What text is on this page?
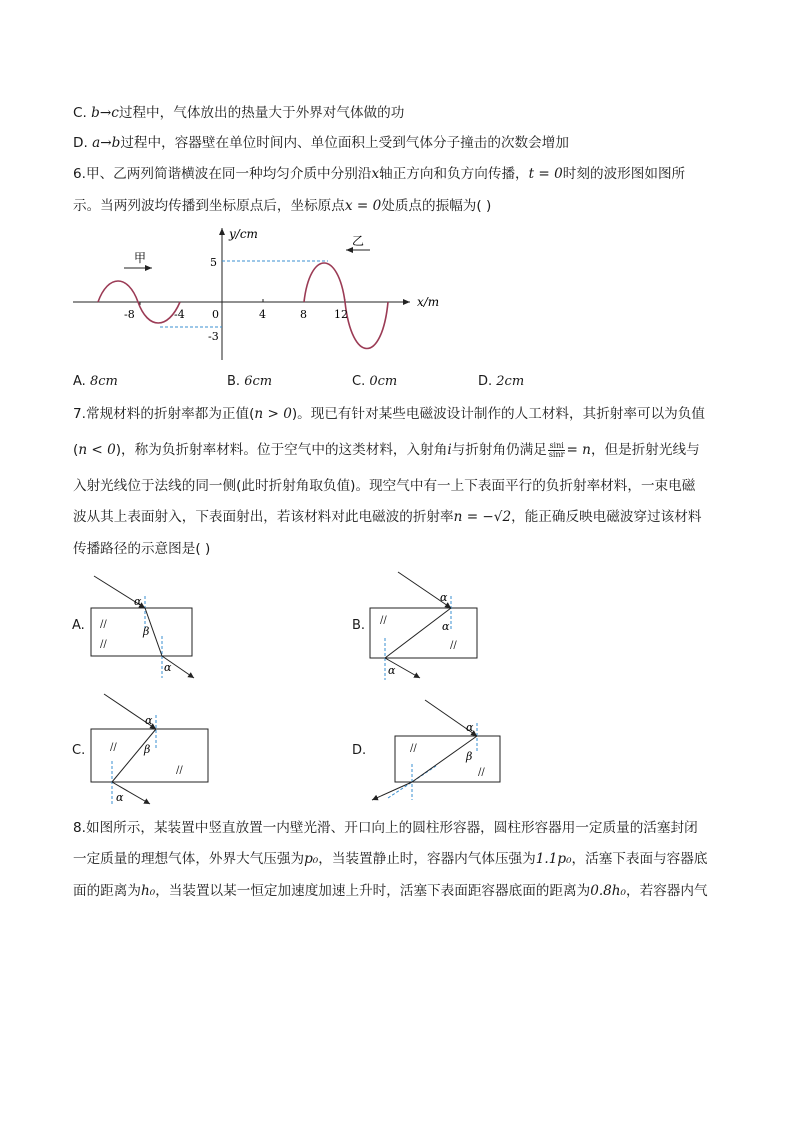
C. b→c过程中，气体放出的热量大于外界对气体做的功
D. a→b过程中，容器壁在单位时间内、单位面积上受到气体分子撞击的次数会增加
6.甲、乙两列简谐横波在同一种均匀介质中分别沿x轴正方向和负方向传播，t = 0时刻的波形图如图所
示。当两列波均传播到坐标原点后，坐标原点x = 0处质点的振幅为( )
y/cm
x/m
甲
乙
-8	-4 0	4	8 12
5
-3
A. 8cm	B. 6cm	C. 0cm	D. 2cm
7.常规材料的折射率都为正值(n > 0)。现已有针对某些电磁波设计制作的人工材料，其折射率可以为负值
(n < 0)，称为负折射率材料。位于空气中的这类材料，入射角i与折射角仍满足 $\frac{\sin i}{\sin r} = n$，但是折射光线与
入射光线位于法线的同一侧(此时折射角取负值)。现空气中有一上下表面平行的负折射率材料，一束电磁
波从其上表面射入，下表面射出，若该材料对此电磁波的折射率n = −√2，能正确反映电磁波穿过该材料
传播路径的示意图是( )
A.	B.
C.	D.
//
//
α
β
α
//
//
α
α
α
//
//
α
β
α
//
//
α
β
8.如图所示，某装置中竖直放置一内壁光滑、开口向上的圆柱形容器，圆柱形容器用一定质量的活塞封闭
一定质量的理想气体，外界大气压强为p₀，当装置静止时，容器内气体压强为1.1p₀，活塞下表面与容器底
面的距离为h₀，当装置以某一恒定加速度加速上升时，活塞下表面距容器底面的距离为0.8h₀，若容器内气
